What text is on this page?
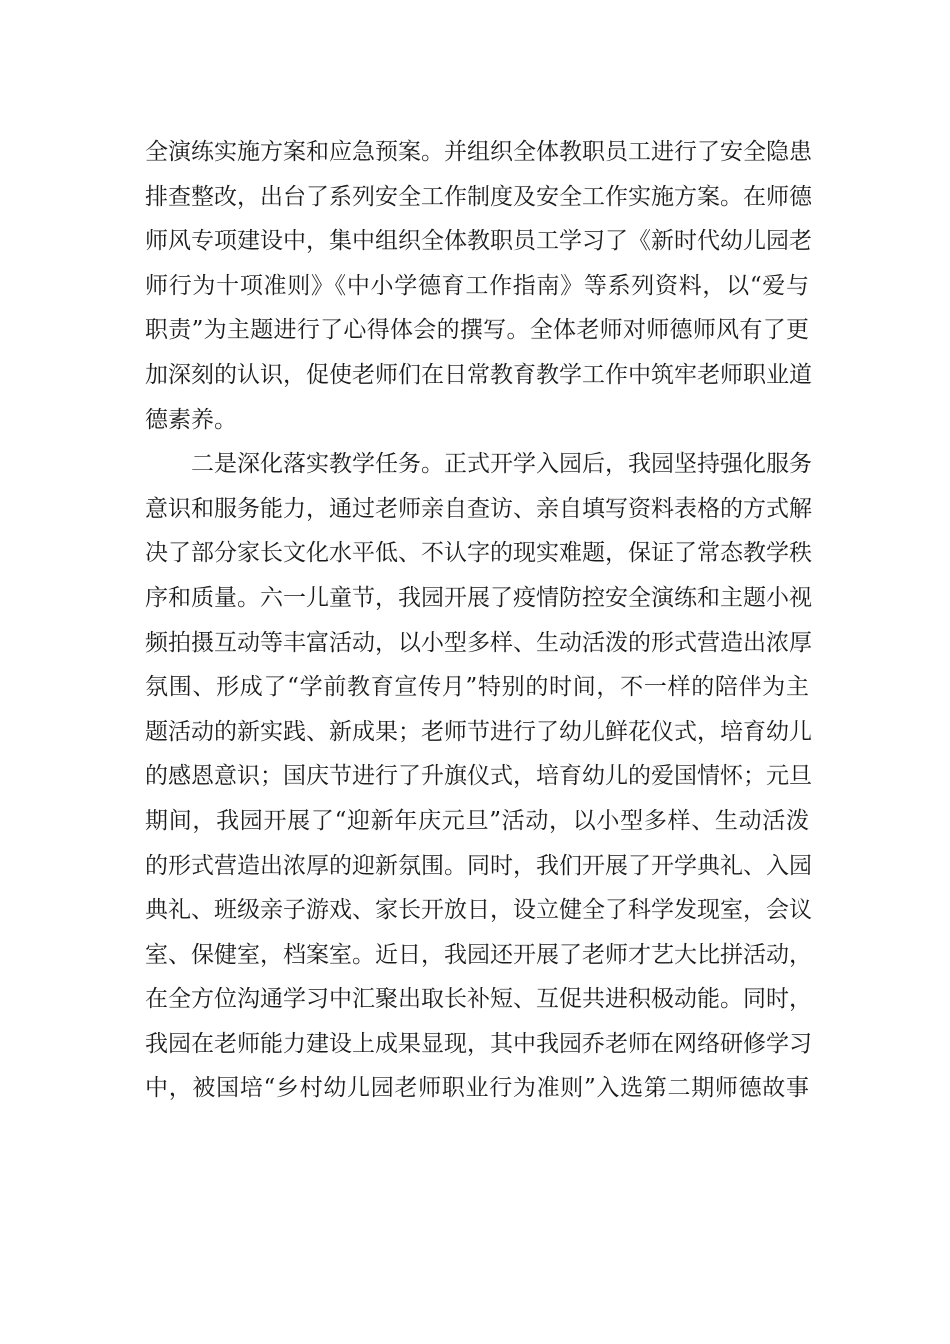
全演练实施方案和应急预案。并组织全体教职员工进行了安全隐患
排查整改，出台了系列安全工作制度及安全工作实施方案。在师德
师风专项建设中，集中组织全体教职员工学习了《新时代幼儿园老
师行为十项准则》《中小学德育工作指南》等系列资料，以“爱与
职责”为主题进行了心得体会的撰写。全体老师对师德师风有了更
加深刻的认识，促使老师们在日常教育教学工作中筑牢老师职业道
德素养。
二是深化落实教学任务。正式开学入园后，我园坚持强化服务
意识和服务能力，通过老师亲自查访、亲自填写资料表格的方式解
决了部分家长文化水平低、不认字的现实难题，保证了常态教学秩
序和质量。六一儿童节，我园开展了疫情防控安全演练和主题小视
频拍摄互动等丰富活动，以小型多样、生动活泼的形式营造出浓厚
氛围、形成了“学前教育宣传月”特别的时间，不一样的陪伴为主
题活动的新实践、新成果；老师节进行了幼儿鲜花仪式，培育幼儿
的感恩意识；国庆节进行了升旗仪式，培育幼儿的爱国情怀；元旦
期间，我园开展了“迎新年庆元旦”活动，以小型多样、生动活泼
的形式营造出浓厚的迎新氛围。同时，我们开展了开学典礼、入园
典礼、班级亲子游戏、家长开放日，设立健全了科学发现室，会议
室、保健室，档案室。近日，我园还开展了老师才艺大比拼活动，
在全方位沟通学习中汇聚出取长补短、互促共进积极动能。同时，
我园在老师能力建设上成果显现，其中我园乔老师在网络研修学习
中，被国培“乡村幼儿园老师职业行为准则”入选第二期师德故事
